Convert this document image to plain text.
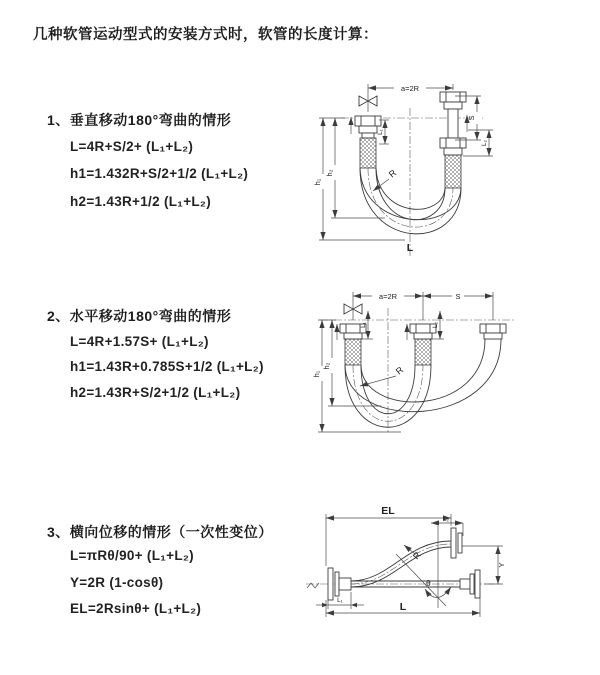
几种软管运动型式的安装方式时，软管的长度计算：
1、垂直移动180°弯曲的情形
L=4R+S/2+ (L₁+L₂)
h1=1.432R+S/2+1/2 (L₁+L₂)
h2=1.43R+1/2 (L₁+L₂)
2、水平移动180°弯曲的情形
L=4R+1.57S+ (L₁+L₂)
h1=1.43R+0.785S+1/2 (L₁+L₂)
h2=1.43R+S/2+1/2 (L₁+L₂)
3、横向位移的情形（一次性变位）
L=πRθ/90+ (L₁+L₂)
Y=2R (1-cosθ)
EL=2Rsinθ+ (L₁+L₂)
a=2R
S
L₁
L₂
h₁
h₂	R
L
a=2R	S
L₁	L₂
h₁
h₂	R
θ
EL
L₂
Y
L
L₁
R
